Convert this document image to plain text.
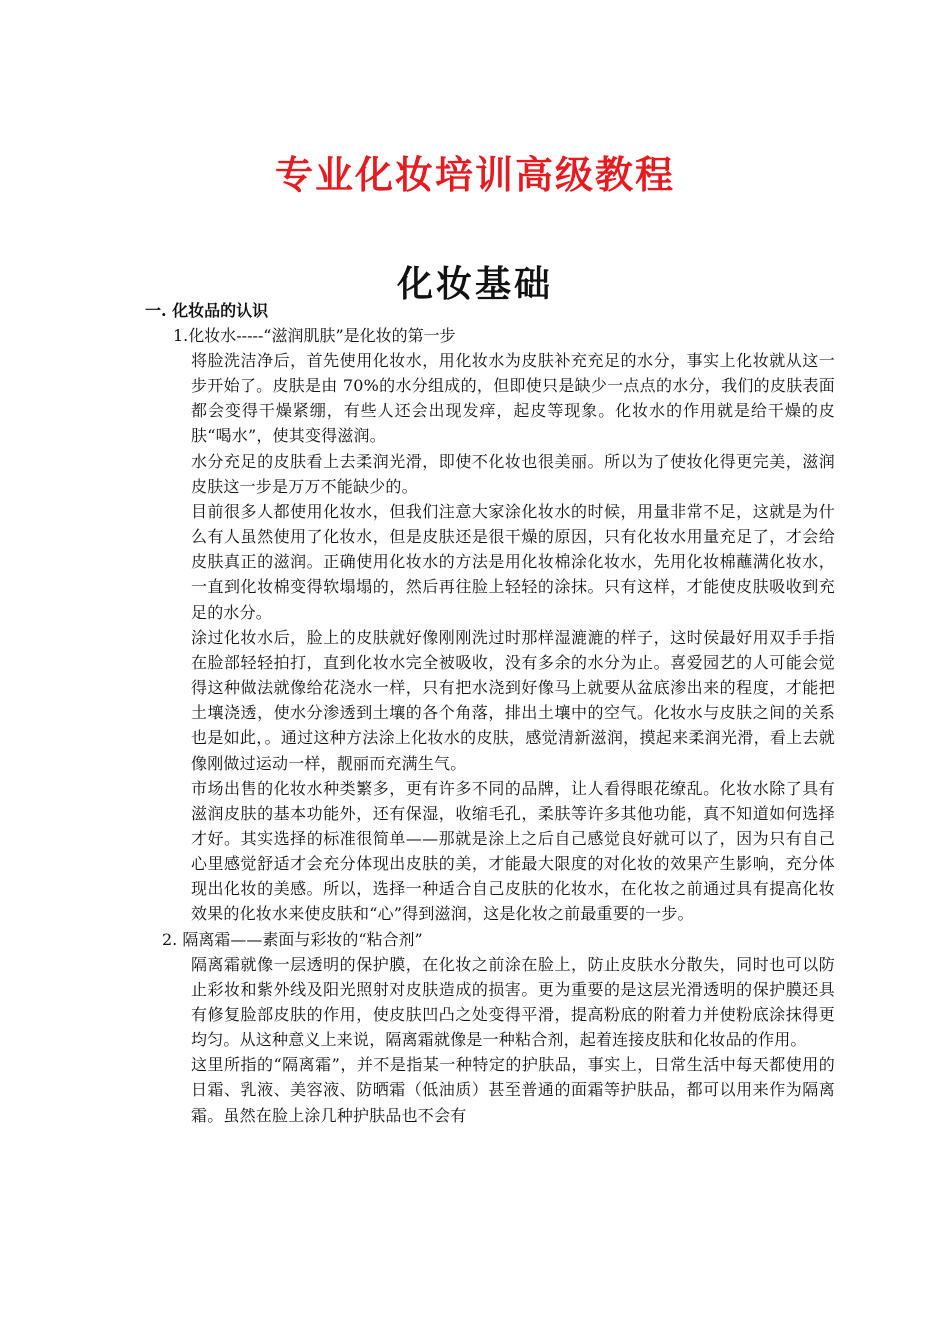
专业化妆培训高级教程
化妆基础

一. 化妆品的认识

1.化妆水-----“滋润肌肤”是化妆的第一步

将脸洗洁净后，首先使用化妆水，用化妆水为皮肤补充充足的水分，事实上化妆就从这一步开始了。皮肤是由 70%的水分组成的，但即使只是缺少一点点的水分，我们的皮肤表面都会变得干燥紧绷，有些人还会出现发痒，起皮等现象。化妆水的作用就是给干燥的皮肤“喝水”，使其变得滋润。

水分充足的皮肤看上去柔润光滑，即使不化妆也很美丽。所以为了使妆化得更完美，滋润皮肤这一步是万万不能缺少的。

目前很多人都使用化妆水，但我们注意大家涂化妆水的时候，用量非常不足，这就是为什么有人虽然使用了化妆水，但是皮肤还是很干燥的原因，只有化妆水用量充足了，才会给皮肤真正的滋润。正确使用化妆水的方法是用化妆棉涂化妆水，先用化妆棉蘸满化妆水，一直到化妆棉变得软塌塌的，然后再往脸上轻轻的涂抹。只有这样，才能使皮肤吸收到充足的水分。

涂过化妆水后，脸上的皮肤就好像刚刚洗过时那样湿漉漉的样子，这时侯最好用双手手指在脸部轻轻拍打，直到化妆水完全被吸收，没有多余的水分为止。喜爱园艺的人可能会觉得这种做法就像给花浇水一样，只有把水浇到好像马上就要从盆底渗出来的程度，才能把土壤浇透，使水分渗透到土壤的各个角落，排出土壤中的空气。化妆水与皮肤之间的关系也是如此，。通过这种方法涂上化妆水的皮肤，感觉清新滋润，摸起来柔润光滑，看上去就像刚做过运动一样，靓丽而充满生气。

市场出售的化妆水种类繁多，更有许多不同的品牌，让人看得眼花缭乱。化妆水除了具有滋润皮肤的基本功能外，还有保湿，收缩毛孔，柔肤等许多其他功能，真不知道如何选择才好。其实选择的标准很简单——那就是涂上之后自己感觉良好就可以了，因为只有自己心里感觉舒适才会充分体现出皮肤的美，才能最大限度的对化妆的效果产生影响，充分体现出化妆的美感。所以，选择一种适合自己皮肤的化妆水，在化妆之前通过具有提高化妆效果的化妆水来使皮肤和“心”得到滋润，这是化妆之前最重要的一步。

2. 隔离霜——素面与彩妆的“粘合剂”

隔离霜就像一层透明的保护膜，在化妆之前涂在脸上，防止皮肤水分散失，同时也可以防止彩妆和紫外线及阳光照射对皮肤造成的损害。更为重要的是这层光滑透明的保护膜还具有修复脸部皮肤的作用，使皮肤凹凸之处变得平滑，提高粉底的附着力并使粉底涂抹得更均匀。从这种意义上来说，隔离霜就像是一种粘合剂，起着连接皮肤和化妆品的作用。

这里所指的“隔离霜”，并不是指某一种特定的护肤品，事实上，日常生活中每天都使用的日霜、乳液、美容液、防晒霜（低油质）甚至普通的面霜等护肤品，都可以用来作为隔离霜。虽然在脸上涂几种护肤品也不会有
